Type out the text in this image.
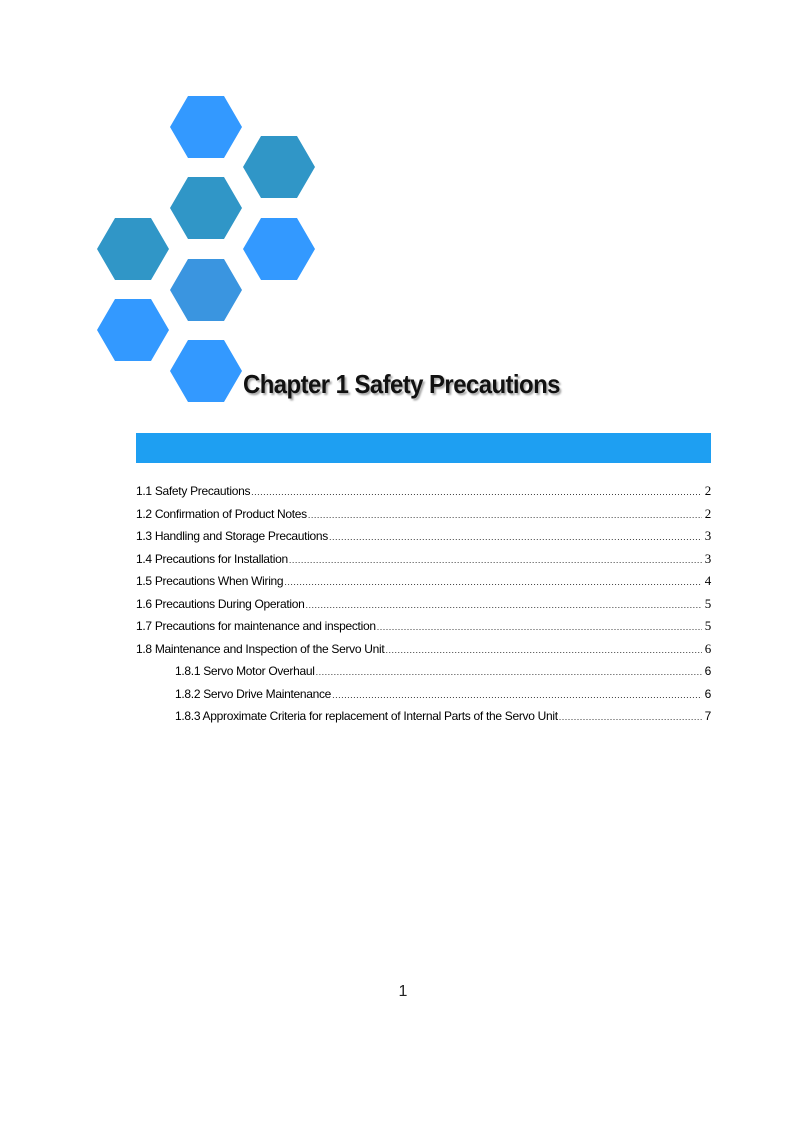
Chapter 1 Safety Precautions
1.1 Safety Precautions .....	2
1.2 Confirmation of Product Notes .....	2
1.3 Handling and Storage Precautions .....	3
1.4 Precautions for Installation .....	3
1.5 Precautions When Wiring .....	4
1.6 Precautions During Operation .....	5
1.7 Precautions for maintenance and inspection .....	5
1.8 Maintenance and Inspection of the Servo Unit .....	6
1.8.1 Servo Motor Overhaul .....	6
1.8.2 Servo Drive Maintenance .....	6
1.8.3 Approximate Criteria for replacement of Internal Parts of the Servo Unit .....	7
1
